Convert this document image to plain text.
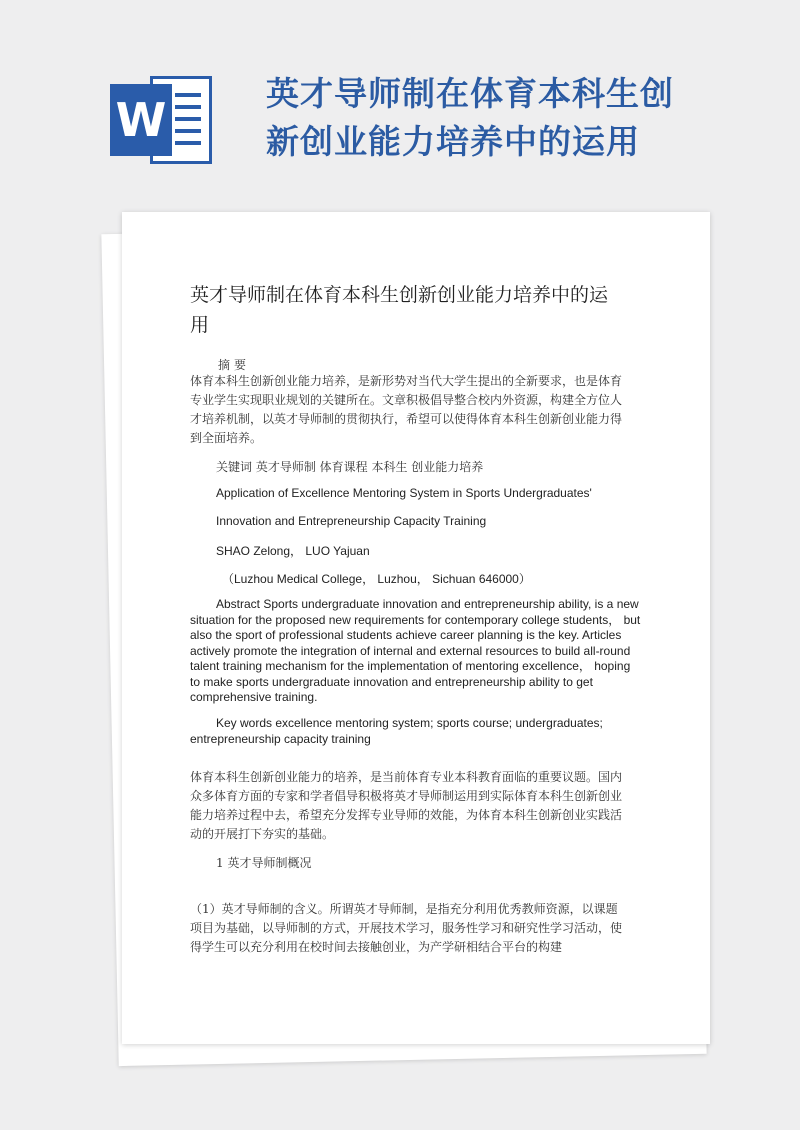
W	英才导师制在体育本科生创新创业能力培养中的运用
英才导师制在体育本科生创新创业能力培养中的运用
摘要
体育本科生创新创业能力培养，是新形势对当代大学生提出的全新要求，也是体育专业学生实现职业规划的关键所在。文章积极倡导整合校内外资源，构建全方位人才培养机制，以英才导师制的贯彻执行，希望可以使得体育本科生创新创业能力得到全面培养。
关键词 英才导师制 体育课程 本科生 创业能力培养
Application of Excellence Mentoring System in Sports Undergraduates'
Innovation and Entrepreneurship Capacity Training
SHAO Zelong， LUO Yajuan
（Luzhou Medical College， Luzhou， Sichuan 646000）
Abstract Sports undergraduate innovation and entrepreneurship ability, is a new situation for the proposed new requirements for contemporary college students， but also the sport of professional students achieve career planning is the key. Articles actively promote the integration of internal and external resources to build all-round talent training mechanism for the implementation of mentoring excellence， hoping to make sports undergraduate innovation and entrepreneurship ability to get comprehensive training.
Key words excellence mentoring system; sports course; undergraduates; entrepreneurship capacity training
体育本科生创新创业能力的培养，是当前体育专业本科教育面临的重要议题。国内众多体育方面的专家和学者倡导积极将英才导师制运用到实际体育本科生创新创业能力培养过程中去，希望充分发挥专业导师的效能，为体育本科生创新创业实践活动的开展打下夯实的基础。
1 英才导师制概况
（1）英才导师制的含义。所谓英才导师制，是指充分利用优秀教师资源，以课题项目为基础，以导师制的方式，开展技术学习，服务性学习和研究性学习活动，使得学生可以充分利用在校时间去接触创业，为产学研相结合平台的构建
